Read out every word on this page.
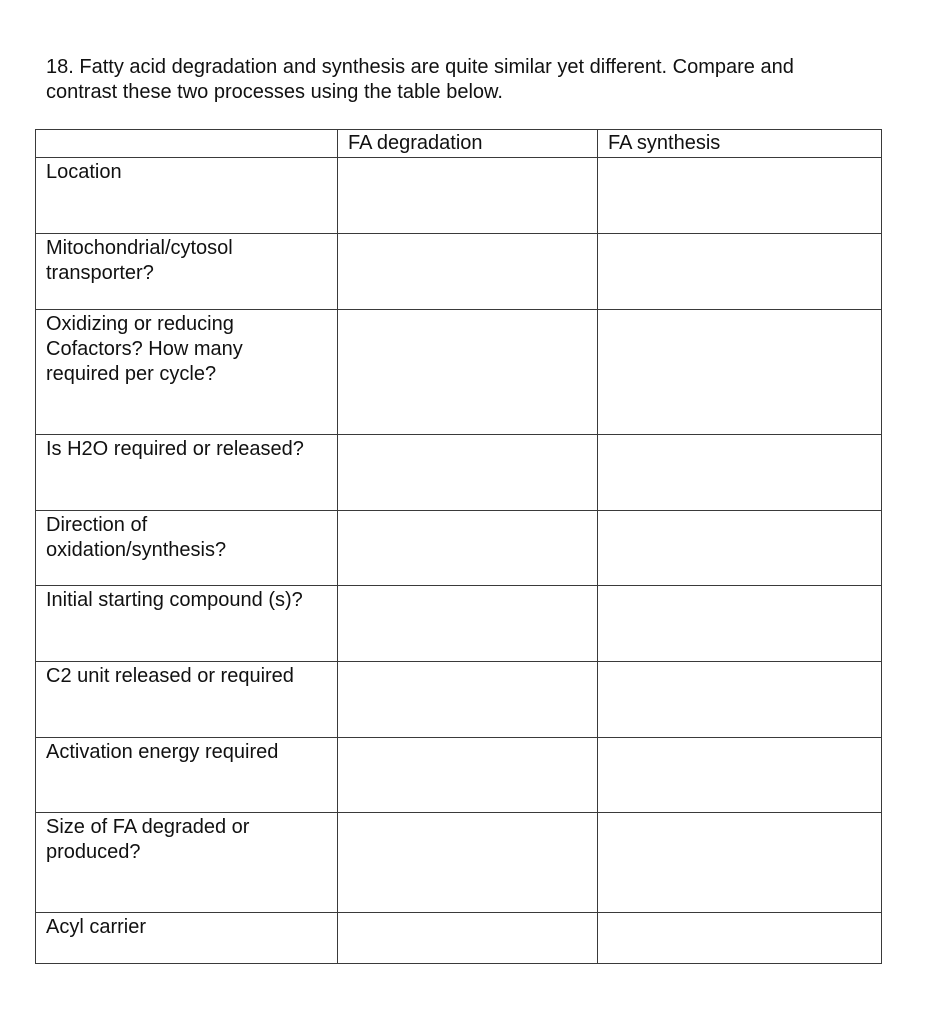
18. Fatty acid degradation and synthesis are quite similar yet different. Compare and
contrast these two processes using the table below.
	FA degradation	FA synthesis

Location		

Mitochondrial/cytosol
transporter?		

Oxidizing or reducing
Cofactors? How many
required per cycle?		

Is H2O required or released?		

Direction of
oxidation/synthesis?		

Initial starting compound (s)?		

C2 unit released or required		

Activation energy required		

Size of FA degraded or
produced?		

Acyl carrier		
